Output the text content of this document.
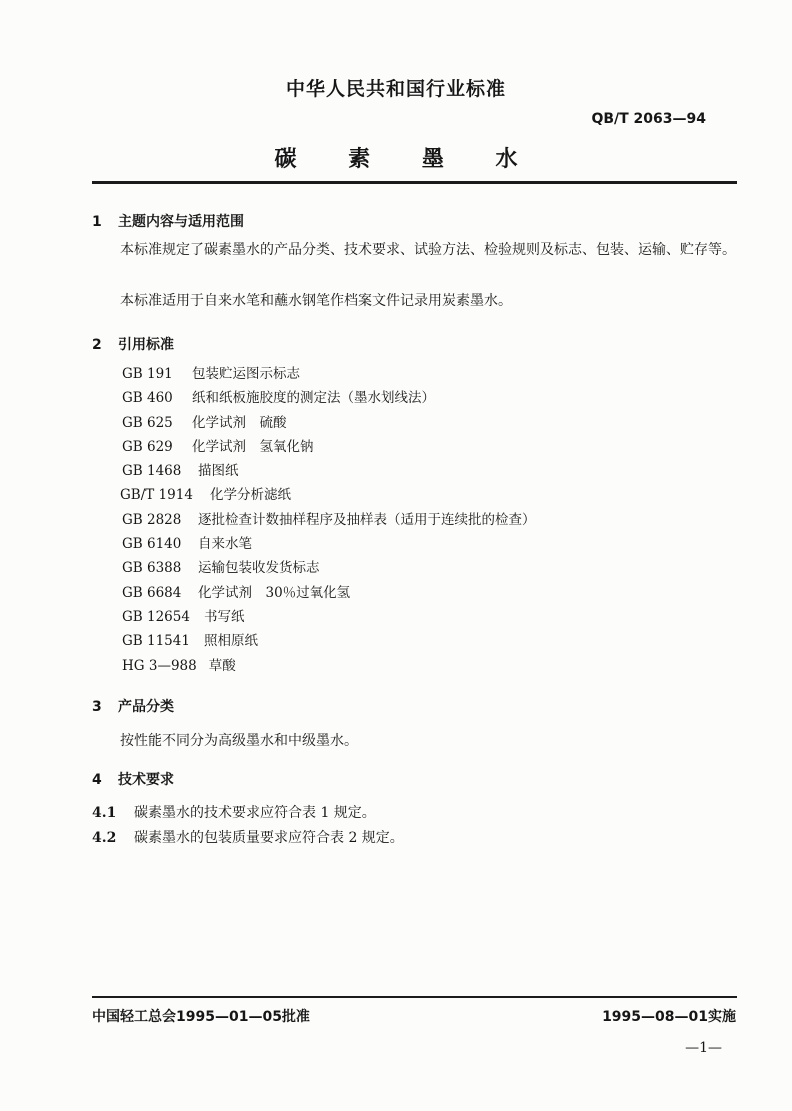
中华人民共和国行业标准
QB/T 2063—94
碳 素 墨 水
1 主题内容与适用范围
本标准规定了碳素墨水的产品分类、技术要求、试验方法、检验规则及标志、包装、运输、贮存等。
本标准适用于自来水笔和蘸水钢笔作档案文件记录用炭素墨水。
2 引用标准
GB 191	包装贮运图示标志
GB 460	纸和纸板施胶度的测定法（墨水划线法）
GB 625	化学试剂　硫酸
GB 629	化学试剂　氢氧化钠
GB 1468	描图纸
GB/T 1914	化学分析滤纸
GB 2828	逐批检查计数抽样程序及抽样表（适用于连续批的检查）
GB 6140	自来水笔
GB 6388	运输包装收发货标志
GB 6684	化学试剂　30％过氧化氢
GB 12654 书写纸
GB 11541 照相原纸
HG 3—988 草酸
3 产品分类
按性能不同分为高级墨水和中级墨水。
4 技术要求
4.1 碳素墨水的技术要求应符合表 1 规定。
4.2 碳素墨水的包装质量要求应符合表 2 规定。
中国轻工总会1995—01—05批准	1995—08—01实施
—1—
